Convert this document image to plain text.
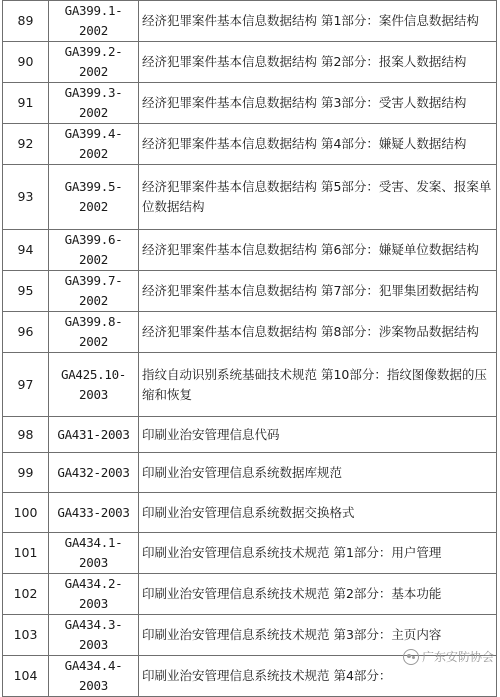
89	GA399.1-2002	经济犯罪案件基本信息数据结构 第1部分：案件信息数据结构
90	GA399.2-2002	经济犯罪案件基本信息数据结构 第2部分：报案人数据结构
91	GA399.3-2002	经济犯罪案件基本信息数据结构 第3部分：受害人数据结构
92	GA399.4-2002	经济犯罪案件基本信息数据结构 第4部分：嫌疑人数据结构
93	GA399.5-2002	经济犯罪案件基本信息数据结构 第5部分：受害、发案、报案单位数据结构
94	GA399.6-2002	经济犯罪案件基本信息数据结构 第6部分：嫌疑单位数据结构
95	GA399.7-2002	经济犯罪案件基本信息数据结构 第7部分：犯罪集团数据结构
96	GA399.8-2002	经济犯罪案件基本信息数据结构 第8部分：涉案物品数据结构
97	GA425.10-2003	指纹自动识别系统基础技术规范 第10部分：指纹图像数据的压缩和恢复
98	GA431-2003	印刷业治安管理信息代码
99	GA432-2003	印刷业治安管理信息系统数据库规范
100	GA433-2003	印刷业治安管理信息系统数据交换格式
101	GA434.1-2003	印刷业治安管理信息系统技术规范 第1部分：用户管理
102	GA434.2-2003	印刷业治安管理信息系统技术规范 第2部分：基本功能
103	GA434.3-2003	印刷业治安管理信息系统技术规范 第3部分：主页内容
104	GA434.4-2003	印刷业治安管理信息系统技术规范 第4部分：
广东安防协会
